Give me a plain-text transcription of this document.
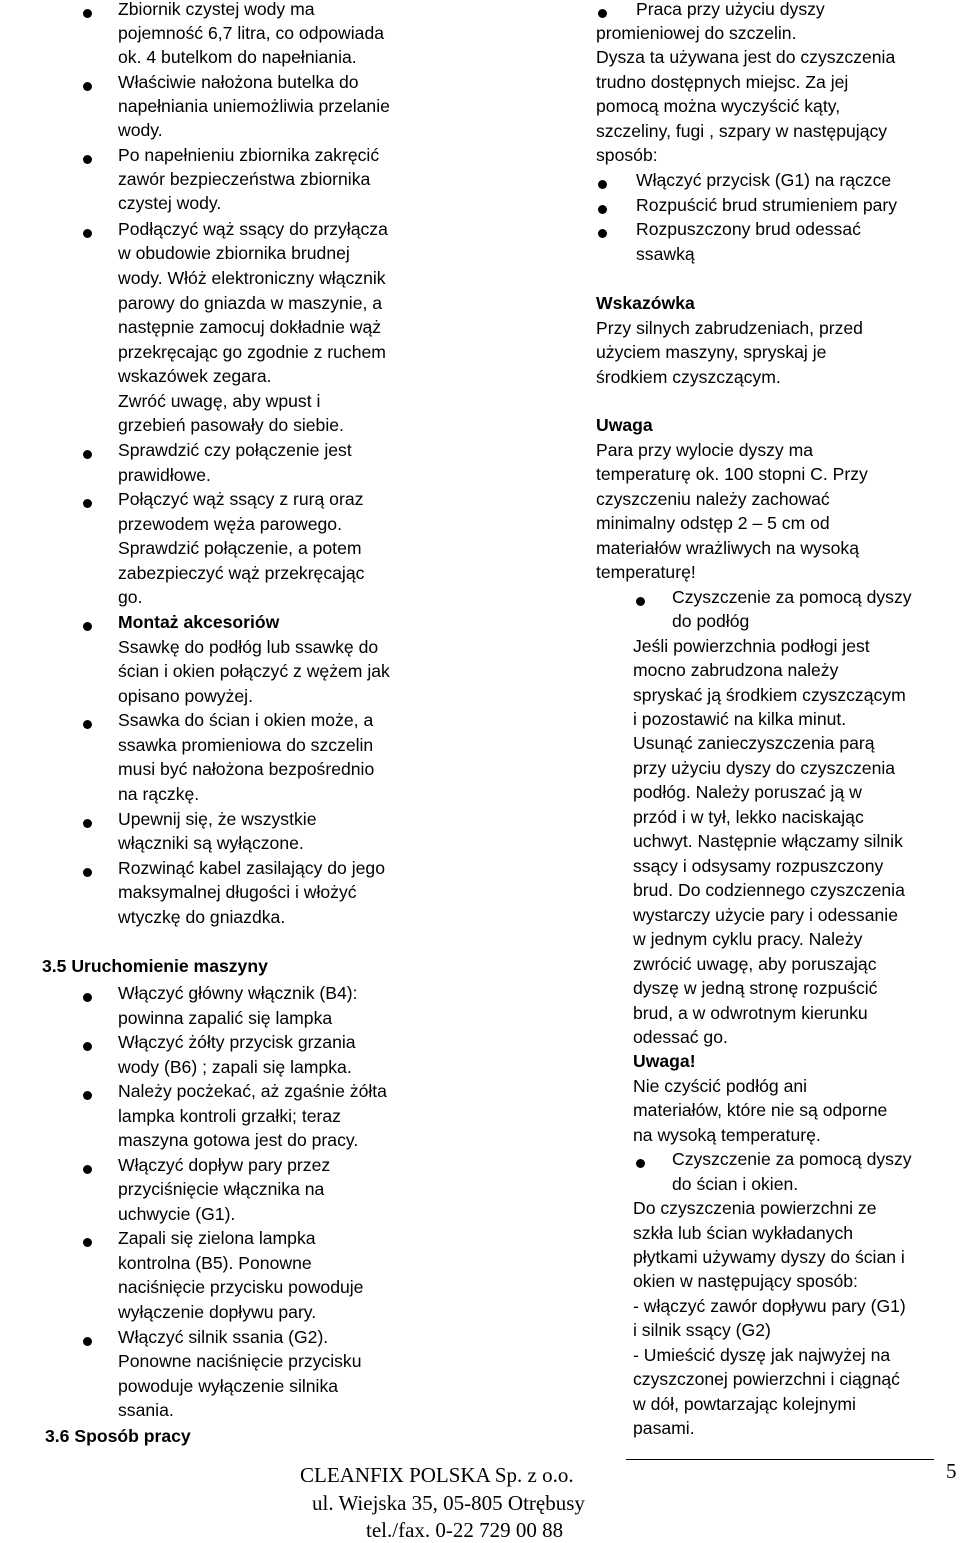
Zbiornik czystej wody ma
pojemność 6,7 litra, co odpowiada
ok. 4 butelkom do napełniania.
Właściwie nałożona butelka do
napełniania uniemożliwia przelanie
wody.
Po napełnieniu zbiornika zakręcić
zawór bezpieczeństwa zbiornika
czystej wody.
Podłączyć wąż ssący do przyłącza
w obudowie zbiornika brudnej
wody. Włóż elektroniczny włącznik
parowy do gniazda w maszynie, a
następnie zamocuj dokładnie wąż
przekręcając go zgodnie z ruchem
wskazówek zegara.
Zwróć uwagę, aby wpust i
grzebień pasowały do siebie.
Sprawdzić czy połączenie jest
prawidłowe.
Połączyć wąż ssący z rurą oraz
przewodem węża parowego.
Sprawdzić połączenie, a potem
zabezpieczyć wąż przekręcając
go.
Montaż akcesoriów
Ssawkę do podłóg lub ssawkę do
ścian i okien połączyć z wężem jak
opisano powyżej.
Ssawka do ścian i okien może, a
ssawka promieniowa do szczelin
musi być nałożona bezpośrednio
na rączkę.
Upewnij się, że wszystkie
włączniki są wyłączone.
Rozwinąć kabel zasilający do jego
maksymalnej długości i włożyć
wtyczkę do gniazdka.
3.5 Uruchomienie maszyny
Włączyć główny włącznik (B4):
powinna zapalić się lampka
Włączyć żółty przycisk grzania
wody (B6) ; zapali się lampka.
Należy pocżekać, aż zgaśnie żółta
lampka kontroli grzałki; teraz
maszyna gotowa jest do pracy.
Włączyć dopływ pary przez
przyciśnięcie włącznika na
uchwycie (G1).
Zapali się zielona lampka
kontrolna (B5). Ponowne
naciśnięcie przycisku powoduje
wyłączenie dopływu pary.
Włączyć silnik ssania (G2).
Ponowne naciśnięcie przycisku
powoduje wyłączenie silnika
ssania.
3.6 Sposób pracy
Praca przy użyciu dyszy
promieniowej do szczelin.
Dysza ta używana jest do czyszczenia
trudno dostępnych miejsc. Za jej
pomocą można wyczyścić kąty,
szczeliny, fugi , szpary w następujący
sposób:
Włączyć przycisk (G1) na rączce
Rozpuścić brud strumieniem pary
Rozpuszczony brud odessać
ssawką
Wskazówka
Przy silnych zabrudzeniach, przed
użyciem maszyny, spryskaj je
środkiem czyszczącym.
Uwaga
Para przy wylocie dyszy ma
temperaturę ok. 100 stopni C. Przy
czyszczeniu należy zachować
minimalny odstęp 2 – 5 cm od
materiałów wrażliwych na wysoką
temperaturę!
Czyszczenie za pomocą dyszy
do podłóg
Jeśli powierzchnia podłogi jest
mocno zabrudzona należy
spryskać ją środkiem czyszczącym
i pozostawić na kilka minut.
Usunąć zanieczyszczenia parą
przy użyciu dyszy do czyszczenia
podłóg. Należy poruszać ją w
przód i w tył, lekko naciskając
uchwyt. Następnie włączamy silnik
ssący i odsysamy rozpuszczony
brud. Do codziennego czyszczenia
wystarczy użycie pary i odessanie
w jednym cyklu pracy. Należy
zwrócić uwagę, aby poruszając
dyszę w jedną stronę rozpuścić
brud, a w odwrotnym kierunku
odessać go.
Uwaga!
Nie czyścić podłóg ani
materiałów, które nie są odporne
na wysoką temperaturę.
Czyszczenie za pomocą dyszy
do ścian i okien.
Do czyszczenia powierzchni ze
szkła lub ścian wykładanych
płytkami używamy dyszy do ścian i
okien w następujący sposób:
- włączyć zawór dopływu pary (G1)
i silnik ssący (G2)
- Umieścić dyszę jak najwyżej na
czyszczonej powierzchni i ciągnąć
w dół, powtarzając kolejnymi
pasami.
5
CLEANFIX POLSKA Sp. z o.o.
ul. Wiejska 35, 05-805 Otrębusy
tel./fax. 0-22 729 00 88
